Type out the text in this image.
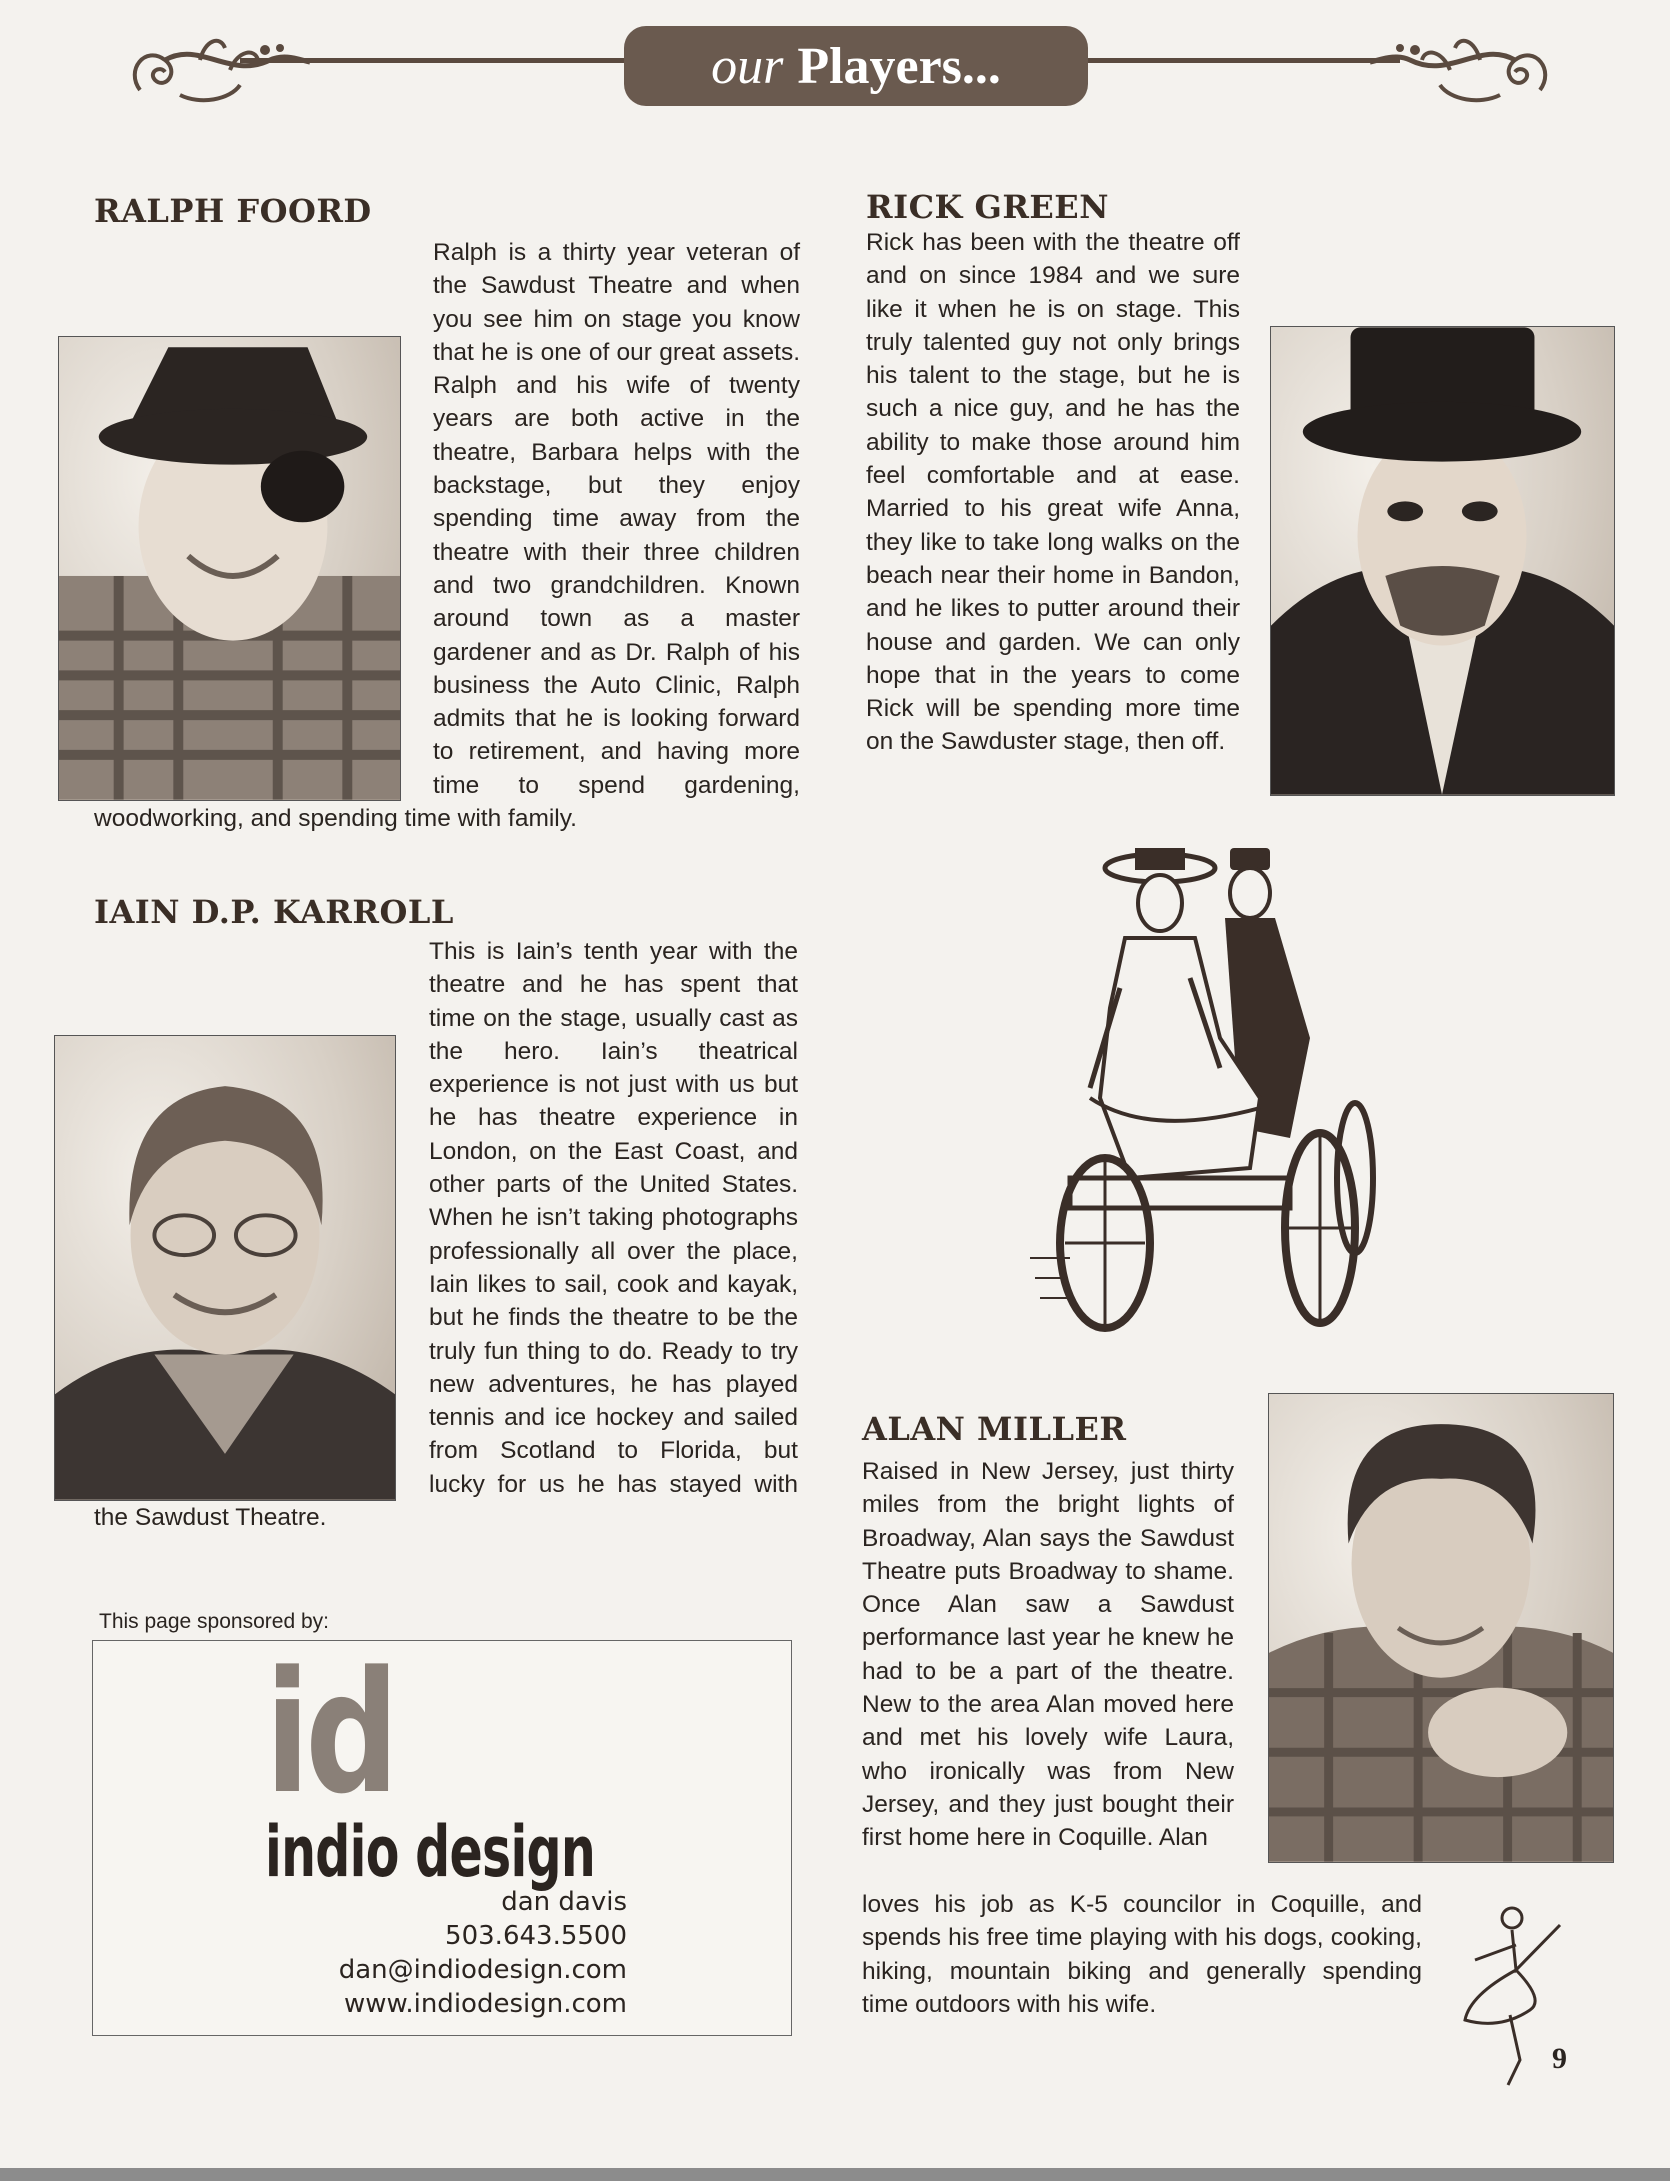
our Players...
RALPH FOORD
Ralph is a thirty year veteran of the Sawdust Theatre and when you see him on stage you know that he is one of our great assets. Ralph and his wife of twenty years are both active in the theatre, Barbara helps with the backstage, but they enjoy spending time away from the theatre with their three children and two grandchildren. Known around town as a master gardener and as Dr. Ralph of his business the Auto Clinic, Ralph admits that he is looking forward to retirement, and having more time to spend gardening, woodworking, and spending time with family.
RICK GREEN
Rick has been with the theatre off and on since 1984 and we sure like it when he is on stage. This truly talented guy not only brings his talent to the stage, but he is such a nice guy, and he has the ability to make those around him feel comfortable and at ease. Married to his great wife Anna, they like to take long walks on the beach near their home in Bandon, and he likes to putter around their house and garden. We can only hope that in the years to come Rick will be spending more time on the Sawduster stage, then off.
IAIN D.P. KARROLL
This is Iain’s tenth year with the theatre and he has spent that time on the stage, usually cast as the hero. Iain’s theatrical experience is not just with us but he has theatre experience in London, on the East Coast, and other parts of the United States. When he isn’t taking photographs professionally all over the place, Iain likes to sail, cook and kayak, but he finds the theatre to be the truly fun thing to do. Ready to try new adventures, he has played tennis and ice hockey and sailed from Scotland to Florida, but lucky for us he has stayed with the Sawdust Theatre.
ALAN MILLER
Raised in New Jersey, just thirty miles from the bright lights of Broadway, Alan says the Sawdust Theatre puts Broadway to shame. Once Alan saw a Sawdust performance last year he knew he had to be a part of the theatre. New to the area Alan moved here and met his lovely wife Laura, who ironically was from New Jersey, and they just bought their first home here in Coquille. Alan
loves his job as K-5 councilor in Coquille, and spends his free time playing with his dogs, cooking, hiking, mountain biking and generally spending time outdoors with his wife.
This page sponsored by:
id
indio design
dan davis
503.643.5500
dan@indiodesign.com
www.indiodesign.com
9
